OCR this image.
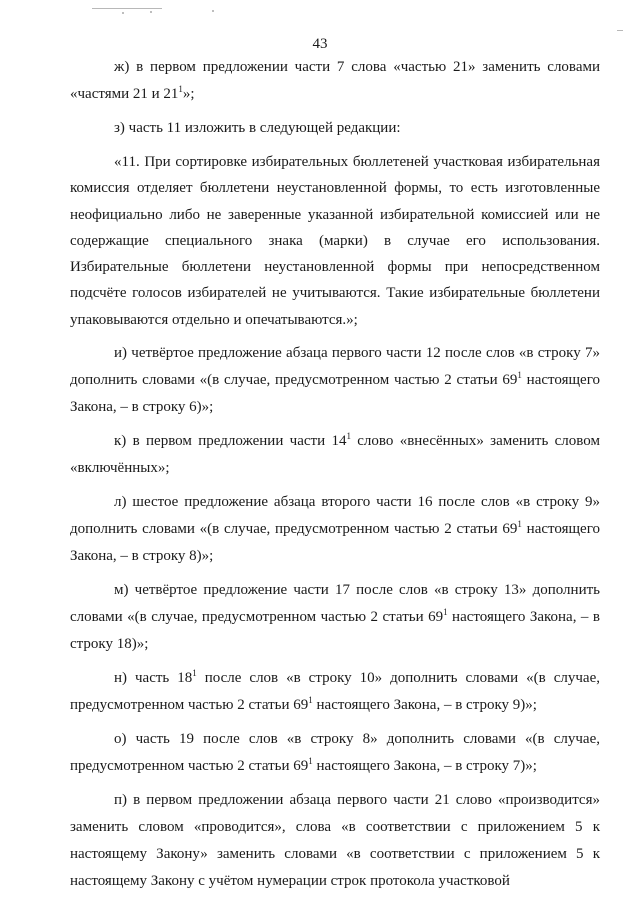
43

ж) в первом предложении части 7 слова «частью 21» заменить словами «частями 21 и $21^1$»;

з) часть 11 изложить в следующей редакции:

«11. При сортировке избирательных бюллетеней участковая избирательная комиссия отделяет бюллетени неустановленной формы, то есть изготовленные неофициально либо не заверенные указанной избирательной комиссией или не содержащие специального знака (марки) в случае его использования. Избирательные бюллетени неустановленной формы при непосредственном подсчёте голосов избирателей не учитываются. Такие избирательные бюллетени упаковываются отдельно и опечатываются.»;

и) четвёртое предложение абзаца первого части 12 после слов «в строку 7» дополнить словами «(в случае, предусмотренном частью 2 статьи $69^1$ настоящего Закона, – в строку 6)»;

к) в первом предложении части $14^1$ слово «внесённых» заменить словом «включённых»;

л) шестое предложение абзаца второго части 16 после слов «в строку 9» дополнить словами «(в случае, предусмотренном частью 2 статьи $69^1$ настоящего Закона, – в строку 8)»;

м) четвёртое предложение части 17 после слов «в строку 13» дополнить словами «(в случае, предусмотренном частью 2 статьи $69^1$ настоящего Закона, – в строку 18)»;

н) часть $18^1$ после слов «в строку 10» дополнить словами «(в случае, предусмотренном частью 2 статьи $69^1$ настоящего Закона, – в строку 9)»;

о) часть 19 после слов «в строку 8» дополнить словами «(в случае, предусмотренном частью 2 статьи $69^1$ настоящего Закона, – в строку 7)»;

п) в первом предложении абзаца первого части 21 слово «производится» заменить словом «проводится», слова «в соответствии с приложением 5 к настоящему Закону» заменить словами «в соответствии с приложением 5 к настоящему Закону с учётом нумерации строк протокола участковой
